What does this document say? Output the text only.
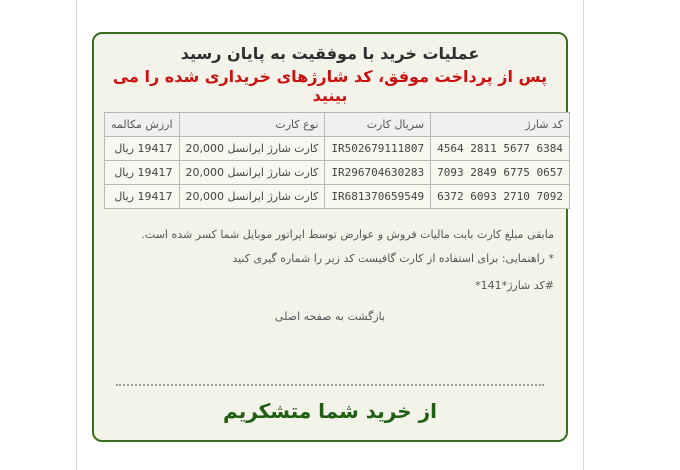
عملیات خرید با موفقیت به پایان رسید
پس از پرداخت موفق، کد شارژهای خریداری شده را می بینید
کد شارژ	سریال کارت	نوع کارت	ارزش مکالمه
4564 2811 5677 6384	IR502679111807	کارت شارژ ایرانسل 20,000	19417 ریال
7093 2849 6775 0657	IR296704630283	کارت شارژ ایرانسل 20,000	19417 ریال
6372 6093 2710 7092	IR681370659549	کارت شارژ ایرانسل 20,000	19417 ریال
مابقی مبلغ کارت بابت مالیات فروش و عوارض توسط اپراتور موبایل شما کسر شده است.
* راهنمایی: برای استفاده از کارت گافیست کد زیر را شماره گیری کنید
#کد شارژ*141*
بازگشت به صفحه اصلی
از خرید شما متشکریم
